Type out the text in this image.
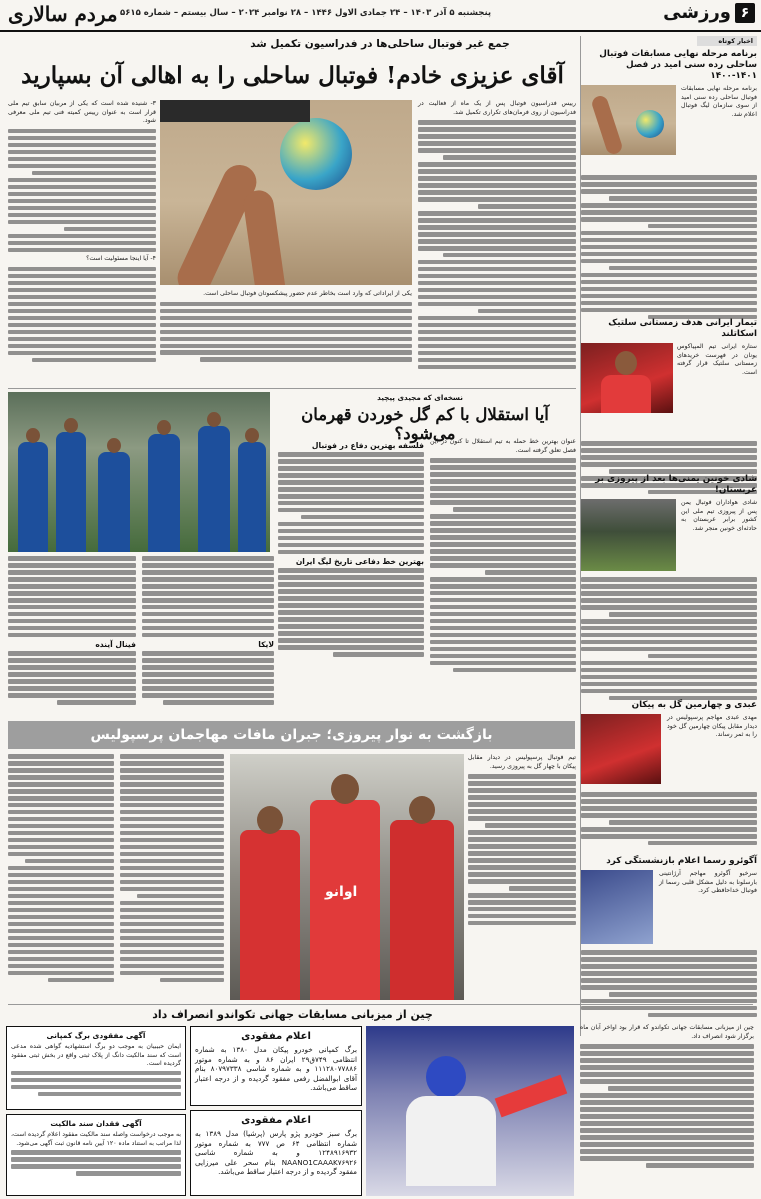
مردم سالاری پنجشنبه ۵ آذر ۱۴۰۳ – ۲۴ جمادی الاول ۱۴۴۶ – ۲۸ نوامبر ۲۰۲۴ – سال بیستم – شماره ۵۶۱۵	۶
ورزشی
اخبار کوتاه
برنامه مرحله نهایی مسابقات فوتبال ساحلی رده سنی امید در فصل ۱۴۰۱-۱۴۰۰
برنامه مرحله نهایی مسابقات فوتبال ساحلی رده سنی امید از سوی سازمان لیگ فوتبال اعلام شد.
تیمار ایرانی هدف زمستانی سلتیک اسکاتلند
ستاره ایرانی تیم المپیاکوس یونان در فهرست خریدهای زمستانی سلتیک قرار گرفته است.
شادی خونین یمنی‌ها بعد از پیروزی بر عربستان!
شادی هواداران فوتبال یمن پس از پیروزی تیم ملی این کشور برابر عربستان به حادثه‌ای خونین منجر شد.
عبدی و چهارمین گل به پیکان
مهدی عبدی مهاجم پرسپولیس در دیدار مقابل پیکان چهارمین گل خود را به ثمر رساند.
آگوئرو رسما اعلام بازنشستگی کرد
سرخیو آگوئرو مهاجم آرژانتینی بارسلونا به دلیل مشکل قلبی رسما از فوتبال خداحافظی کرد.
جمع غیر فوتبال ساحلی‌ها در فدراسیون تکمیل شد
آقای عزیزی خادم! فوتبال ساحلی را به اهالی آن بسپارید
رییس فدراسیون فوتبال پس از یک ماه از فعالیت در فدراسیون از روی فرمان‌های تکراری تکمیل شد.
یکی از ایراداتی که وارد است بخاطر عدم حضور پیشکسوتان فوتبال ساحلی است.
۳- شنیده شده است که یکی از مربیان سابق تیم ملی قرار است به عنوان رییس کمیته فنی تیم ملی معرفی شود.
۴- آیا اینجا مسئولیت است؟
نسخه‌ای که مجیدی پیچید
آیا استقلال با کم گل خوردن قهرمان می‌شود؟
عنوان بهترین خط حمله به تیم استقلال تا کنون در این فصل تعلق گرفته است.
فلسفه بهترین دفاع در فوتبال
بهترین خط دفاعی تاریخ لیگ ایران
لایکا
فینال آینده
بازگشت به نوار پیروزی؛ جبران مافات مهاجمان پرسپولیس
تیم فوتبال پرسپولیس در دیدار مقابل پیکان با چهار گل به پیروزی رسید.
اوانو
چین از میزبانی مسابقات جهانی تکواندو انصراف داد
چین از میزبانی مسابقات جهانی تکواندو که قرار بود اواخر آبان ماه برگزار شود انصراف داد.
اعلام مفقودی
برگ کمپانی خودرو پیکان مدل ۱۳۸۰ به شماره انتظامی ۷۴۹ق۲۹ ایران ۸۶ و به شماره موتور ۱۱۱۲۸۰۷۷۸۸۶ و به شماره شاسی ۸۰۷۹۷۳۳۸ بنام آقای ابوالفضل رفعی مفقود گردیده و از درجه اعتبار ساقط می‌باشد.
اعلام مفقودی
برگ سبز خودرو پژو پارس (پرشیا) مدل ۱۳۸۹ به شماره انتظامی ۶۴ ص ۷۷۷ به شماره موتور ۱۲۴۸۹۱۶۹۳۲ و به شماره شاسی NAANO1CAAAK۷۶۹۲۶ بنام سحر علی میرزایی مفقود گردیده و از درجه اعتبار ساقط می‌باشد.
آگهی مفقودی برگ کمپانی
ایمان حبیبیان به موجب دو برگ استشهادیه گواهی شده مدعی است که سند مالکیت دانگ از پلاک ثبتی واقع در بخش ثبتی مفقود گردیده است.
آگهی فقدان سند مالکیت
به موجب درخواست واصله سند مالکیت مفقود اعلام گردیده است، لذا مراتب به استناد ماده ۱۲۰ آیین نامه قانون ثبت آگهی می‌شود.
